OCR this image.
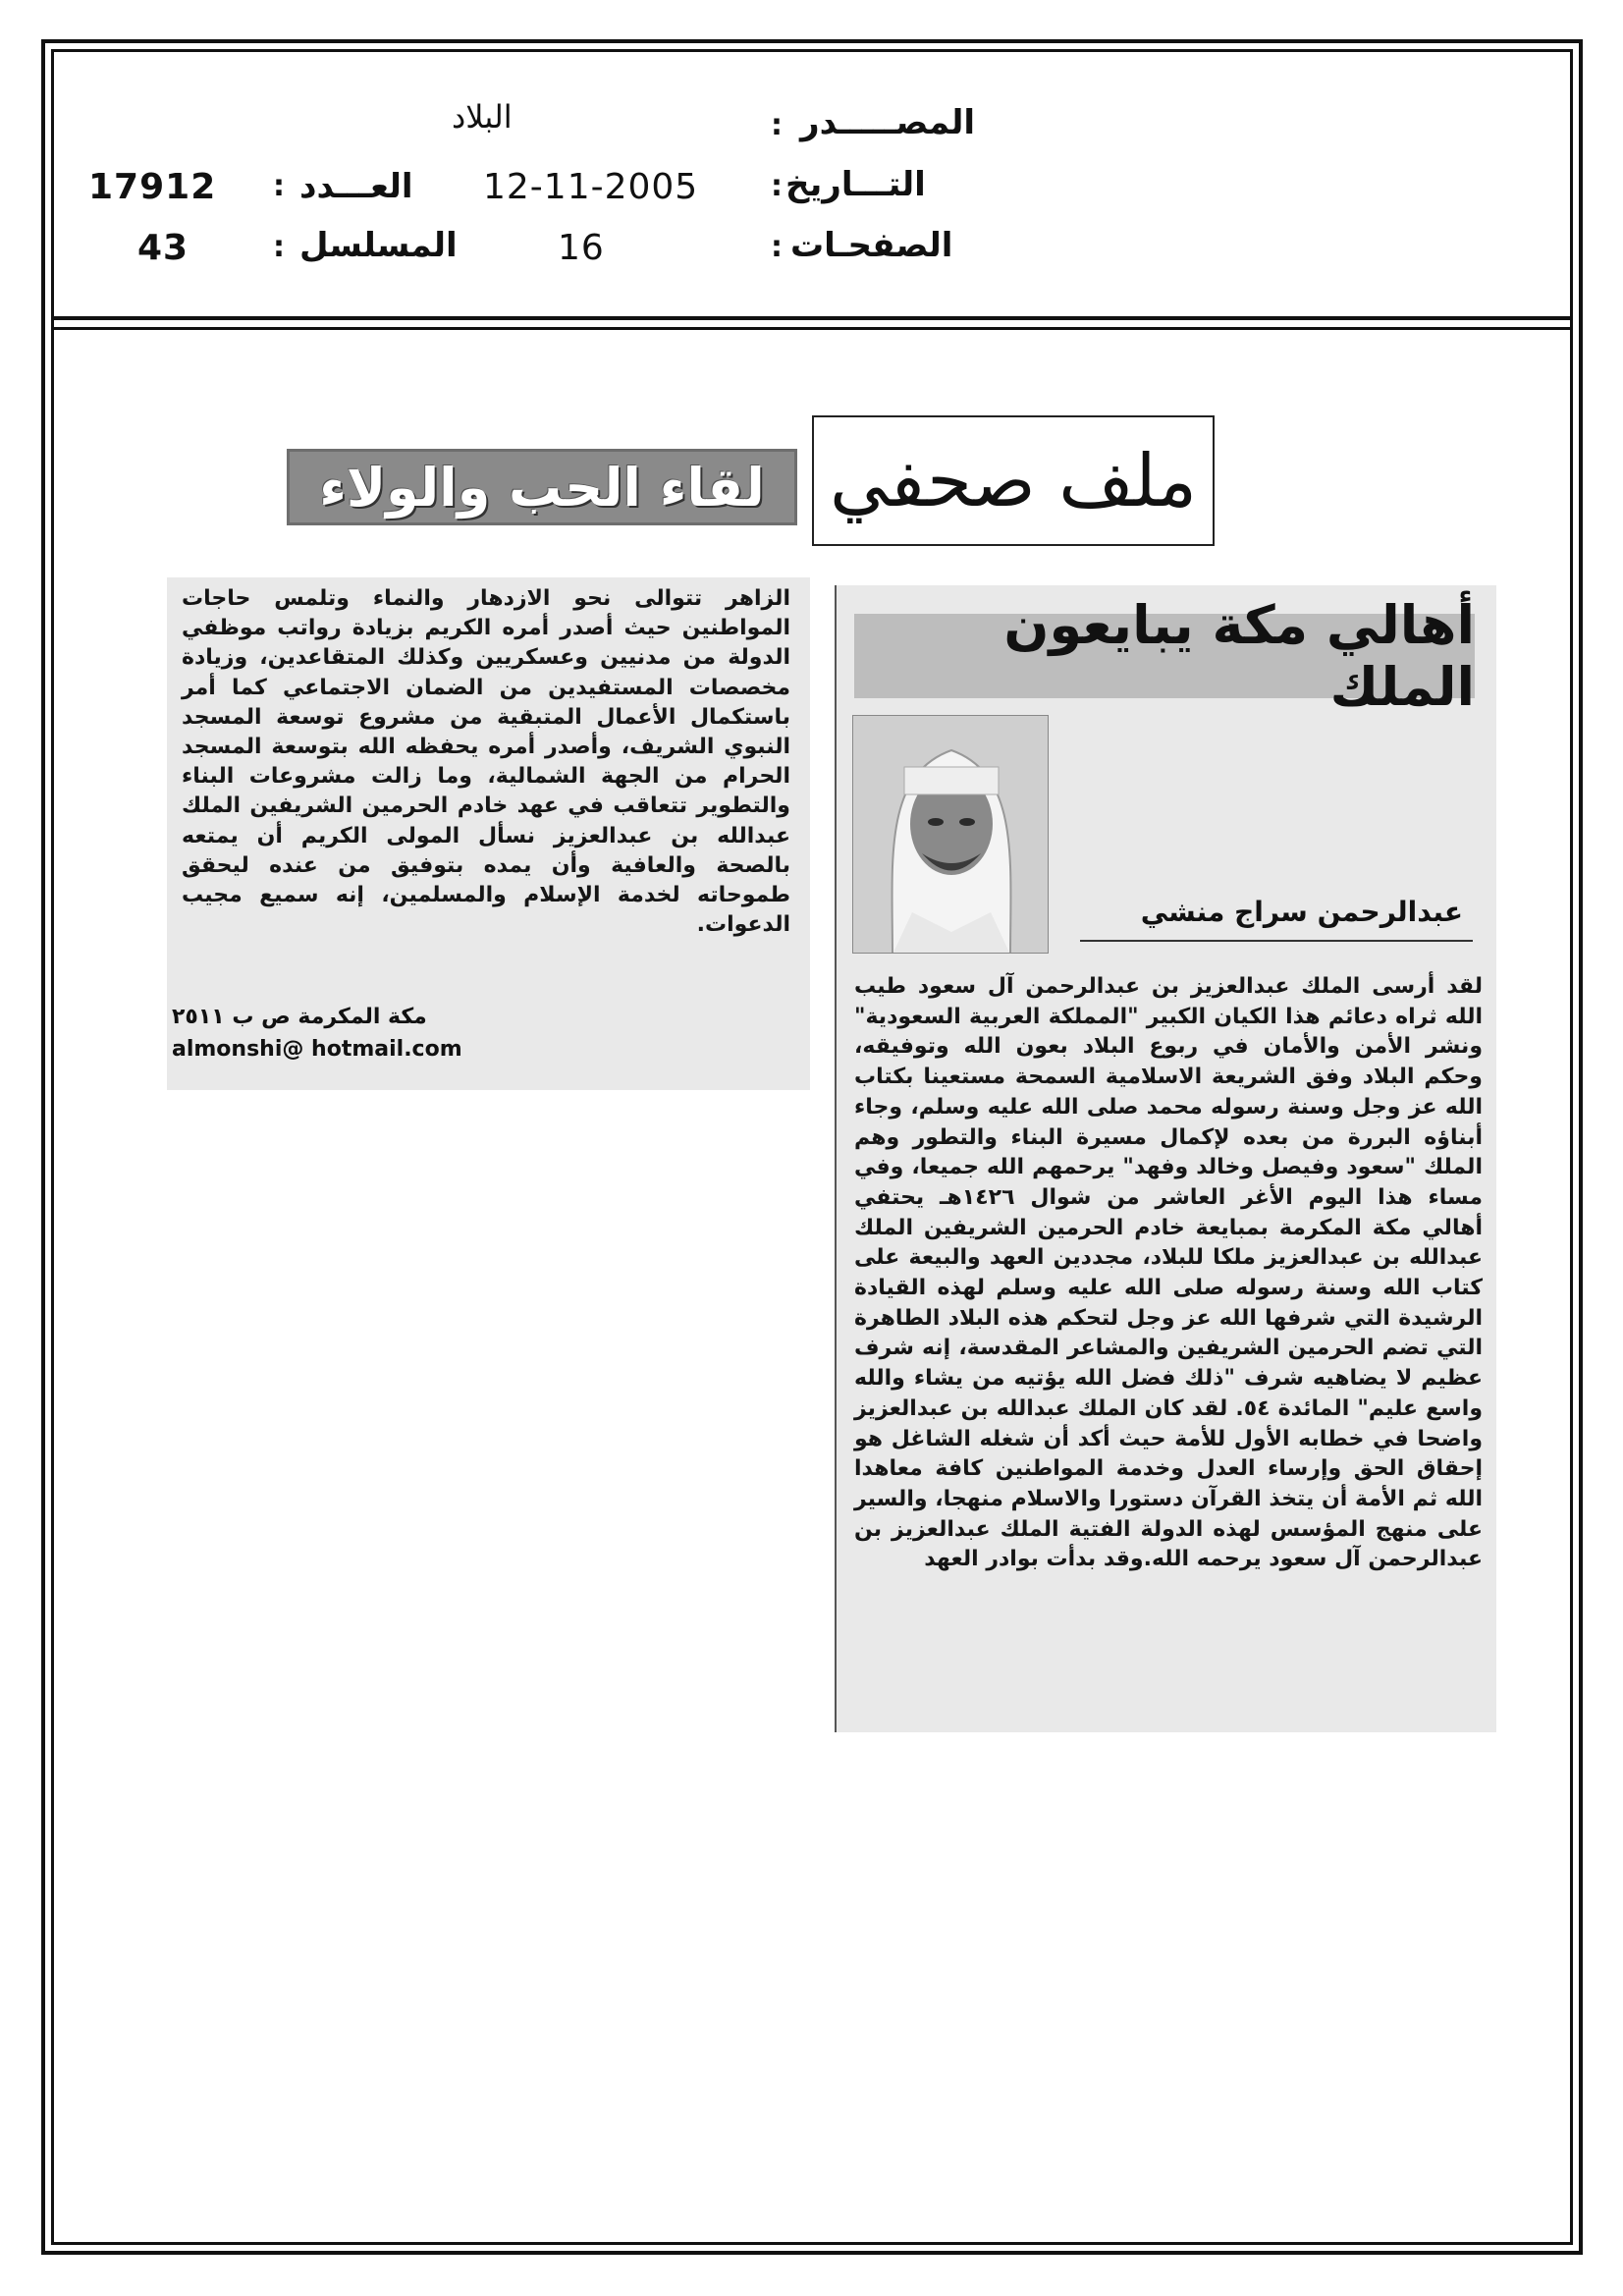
المصـــــدر
:
البلاد
التـــاريخ
:
12-11-2005
العـــدد
:
17912
الصفحـات
:
16
المسلسل
:
43
ملف صحفي
لقاء الحب والولاء
أهالي مكة يبايعون الملك
عبدالرحمن سراج منشي
لقد أرسى الملك عبدالعزيز بن عبدالرحمن آل سعود طيب الله ثراه دعائم هذا الكيان الكبير "المملكة العربية السعودية" ونشر الأمن والأمان في ربوع البلاد بعون الله وتوفيقه، وحكم البلاد وفق الشريعة الاسلامية السمحة مستعينا بكتاب الله عز وجل وسنة رسوله محمد صلى الله عليه وسلم، وجاء أبناؤه البررة من بعده لإكمال مسيرة البناء والتطور وهم الملك "سعود وفيصل وخالد وفهد" يرحمهم الله جميعا، وفي مساء هذا اليوم الأغر العاشر من شوال ١٤٢٦هـ يحتفي أهالي مكة المكرمة بمبايعة خادم الحرمين الشريفين الملك عبدالله بن عبدالعزيز ملكا للبلاد، مجددين العهد والبيعة على كتاب الله وسنة رسوله صلى الله عليه وسلم لهذه القيادة الرشيدة التي شرفها الله عز وجل لتحكم هذه البلاد الطاهرة التي تضم الحرمين الشريفين والمشاعر المقدسة، إنه شرف عظيم لا يضاهيه شرف "ذلك فضل الله يؤتيه من يشاء والله واسع عليم" المائدة ٥٤. لقد كان الملك عبدالله بن عبدالعزيز واضحا في خطابه الأول للأمة حيث أكد أن شغله الشاغل هو إحقاق الحق وإرساء العدل وخدمة المواطنين كافة معاهدا الله ثم الأمة أن يتخذ القرآن دستورا والاسلام منهجا، والسير على منهج المؤسس لهذه الدولة الفتية الملك عبدالعزيز بن عبدالرحمن آل سعود يرحمه الله.وقد بدأت بوادر العهد
الزاهر تتوالى نحو الازدهار والنماء وتلمس حاجات المواطنين حيث أصدر أمره الكريم بزيادة رواتب موظفي الدولة من مدنيين وعسكريين وكذلك المتقاعدين، وزيادة مخصصات المستفيدين من الضمان الاجتماعي كما أمر باستكمال الأعمال المتبقية من مشروع توسعة المسجد النبوي الشريف، وأصدر أمره يحفظه الله بتوسعة المسجد الحرام من الجهة الشمالية، وما زالت مشروعات البناء والتطوير تتعاقب في عهد خادم الحرمين الشريفين الملك عبدالله بن عبدالعزيز نسأل المولى الكريم أن يمتعه بالصحة والعافية وأن يمده بتوفيق من عنده ليحقق طموحاته لخدمة الإسلام والمسلمين، إنه سميع مجيب الدعوات.
مكة المكرمة ص ب ٢٥١١
almonshi@ hotmail.com
